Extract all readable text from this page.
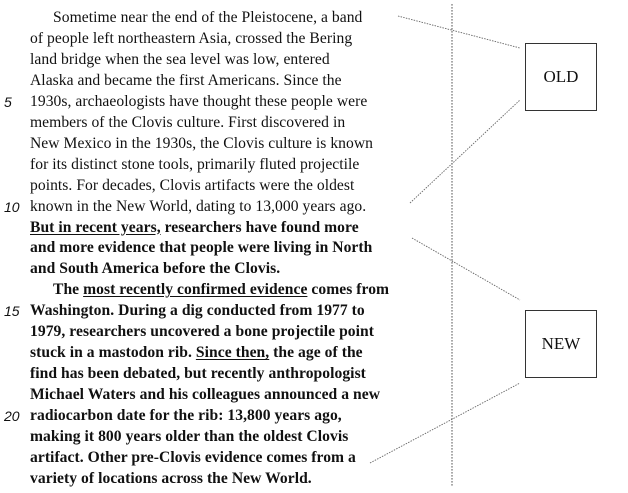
Sometime near the end of the Pleistocene, a band
of people left northeastern Asia, crossed the Bering
land bridge when the sea level was low, entered
Alaska and became the first Americans. Since the
5	1930s, archaeologists have thought these people were
members of the Clovis culture. First discovered in
New Mexico in the 1930s, the Clovis culture is known
for its distinct stone tools, primarily fluted projectile
points. For decades, Clovis artifacts were the oldest
10 known in the New World, dating to 13,000 years ago.
But in recent years, researchers have found more
and more evidence that people were living in North
and South America before the Clovis.
The most recently confirmed evidence comes from
15 Washington. During a dig conducted from 1977 to
1979, researchers uncovered a bone projectile point
stuck in a mastodon rib. Since then, the age of the
find has been debated, but recently anthropologist
Michael Waters and his colleagues announced a new
20 radiocarbon date for the rib: 13,800 years ago,
making it 800 years older than the oldest Clovis
artifact. Other pre-Clovis evidence comes from a
variety of locations across the New World.
OLD
NEW
